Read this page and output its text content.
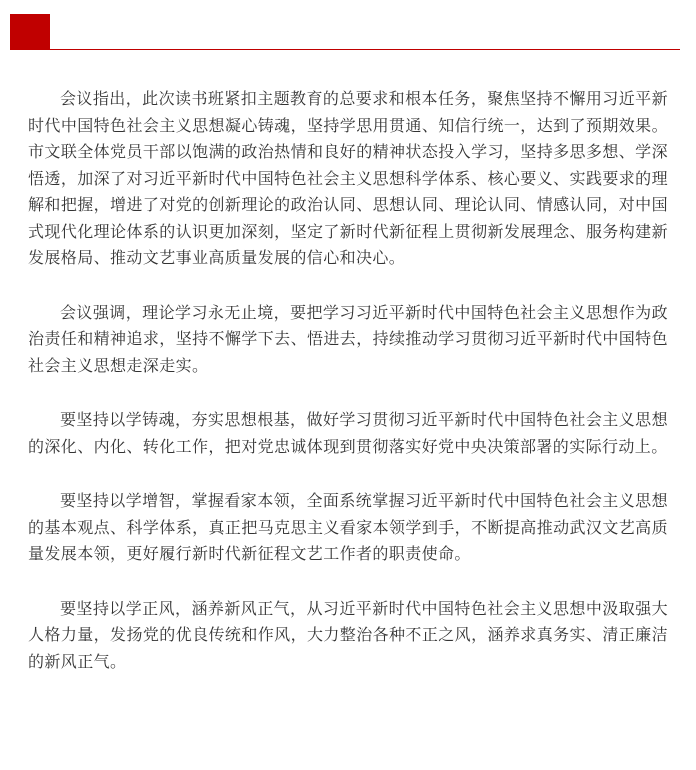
会议指出，此次读书班紧扣主题教育的总要求和根本任务，聚焦坚持不懈用习近平新时代中国特色社会主义思想凝心铸魂，坚持学思用贯通、知信行统一，达到了预期效果。市文联全体党员干部以饱满的政治热情和良好的精神状态投入学习，坚持多思多想、学深悟透，加深了对习近平新时代中国特色社会主义思想科学体系、核心要义、实践要求的理解和把握，增进了对党的创新理论的政治认同、思想认同、理论认同、情感认同，对中国式现代化理论体系的认识更加深刻，坚定了新时代新征程上贯彻新发展理念、服务构建新发展格局、推动文艺事业高质量发展的信心和决心。

会议强调，理论学习永无止境，要把学习习近平新时代中国特色社会主义思想作为政治责任和精神追求，坚持不懈学下去、悟进去，持续推动学习贯彻习近平新时代中国特色社会主义思想走深走实。

要坚持以学铸魂，夯实思想根基，做好学习贯彻习近平新时代中国特色社会主义思想的深化、内化、转化工作，把对党忠诚体现到贯彻落实好党中央决策部署的实际行动上。

要坚持以学增智，掌握看家本领，全面系统掌握习近平新时代中国特色社会主义思想的基本观点、科学体系，真正把马克思主义看家本领学到手，不断提高推动武汉文艺高质量发展本领，更好履行新时代新征程文艺工作者的职责使命。

要坚持以学正风，涵养新风正气，从习近平新时代中国特色社会主义思想中汲取强大人格力量，发扬党的优良传统和作风，大力整治各种不正之风，涵养求真务实、清正廉洁的新风正气。
